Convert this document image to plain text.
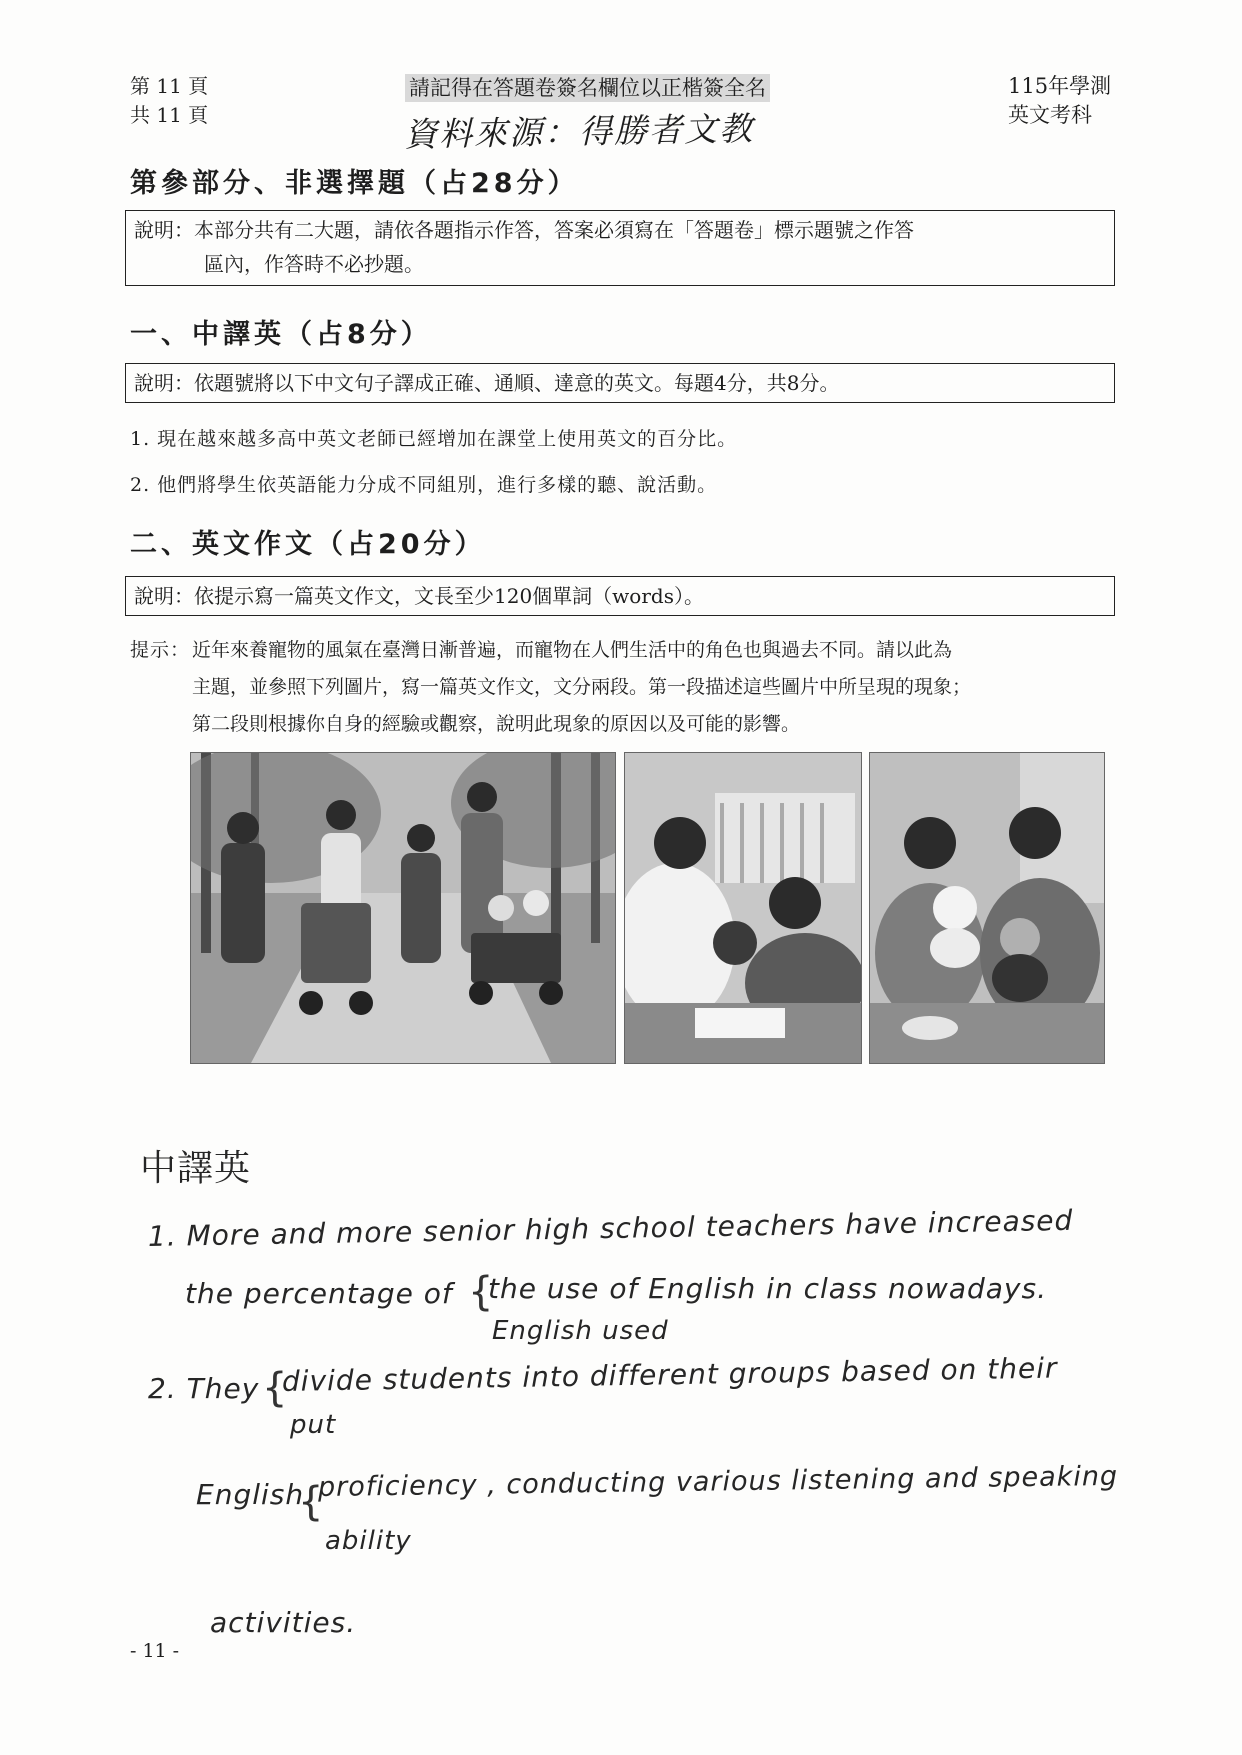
第 11 頁
共 11 頁
請記得在答題卷簽名欄位以正楷簽全名
資料來源：得勝者文教
115年學測
英文考科
第參部分、非選擇題（占28分）
說明：本部分共有二大題，請依各題指示作答，答案必須寫在「答題卷」標示題號之作答
區內，作答時不必抄題。
一、中譯英（占8分）
說明：依題號將以下中文句子譯成正確、通順、達意的英文。每題4分，共8分。
1. 現在越來越多高中英文老師已經增加在課堂上使用英文的百分比。
2. 他們將學生依英語能力分成不同組別，進行多樣的聽、說活動。
二、英文作文（占20分）
說明：依提示寫一篇英文作文，文長至少120個單詞（words）。
提示： 近年來養寵物的風氣在臺灣日漸普遍，而寵物在人們生活中的角色也與過去不同。請以此為
主題，並參照下列圖片，寫一篇英文作文，文分兩段。第一段描述這些圖片中所呈現的現象；
第二段則根據你自身的經驗或觀察，說明此現象的原因以及可能的影響。
中譯英
1. More and more senior high school teachers have increased
the percentage of {
the use of English in class nowadays.
English used
2. They {
divide students into different groups based on their
put
English
{
proficiency , conducting various listening and speaking
ability
activities.
- 11 -
